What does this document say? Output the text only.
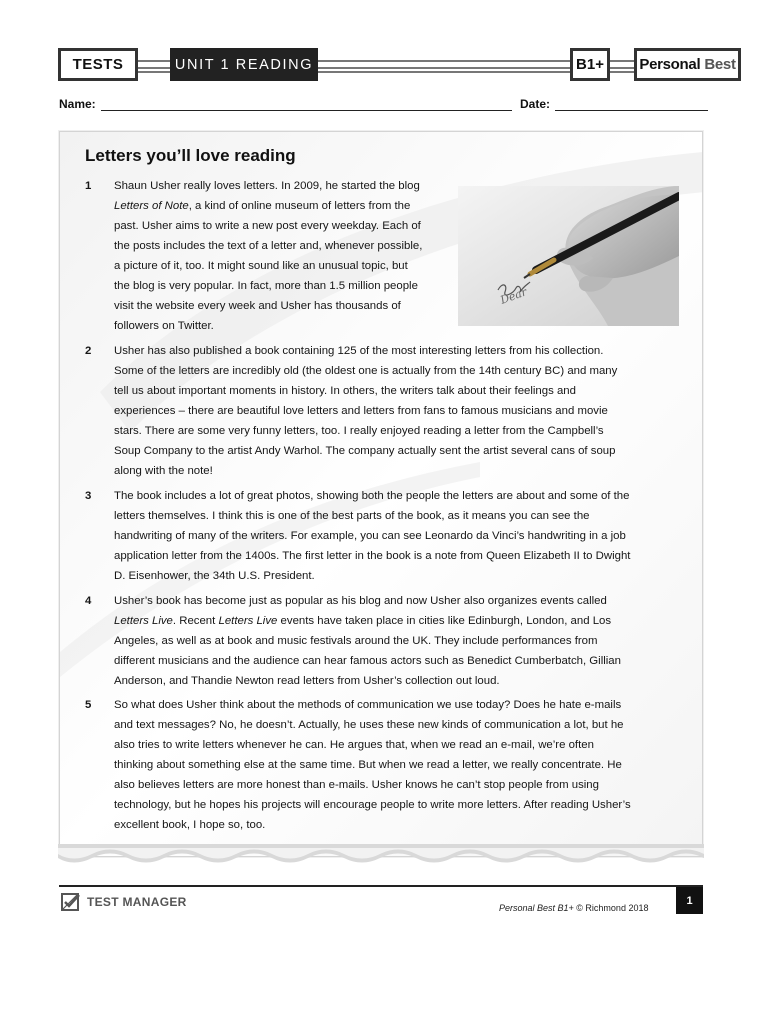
TESTS	UNIT 1 READING	B1+	Personal Best
Name:	Date:
Letters you’ll love reading
1	Shaun Usher really loves letters. In 2009, he started the blog
Letters of Note, a kind of online museum of letters from the
past. Usher aims to write a new post every weekday. Each of
the posts includes the text of a letter and, whenever possible,
a picture of it, too. It might sound like an unusual topic, but
the blog is very popular. In fact, more than 1.5 million people
visit the website every week and Usher has thousands of
followers on Twitter.
Dear
2	Usher has also published a book containing 125 of the most interesting letters from his collection.
Some of the letters are incredibly old (the oldest one is actually from the 14th century BC) and many
tell us about important moments in history. In others, the writers talk about their feelings and
experiences – there are beautiful love letters and letters from fans to famous musicians and movie
stars. There are some very funny letters, too. I really enjoyed reading a letter from the Campbell’s
Soup Company to the artist Andy Warhol. The company actually sent the artist several cans of soup
along with the note!
3	The book includes a lot of great photos, showing both the people the letters are about and some of the
letters themselves. I think this is one of the best parts of the book, as it means you can see the
handwriting of many of the writers. For example, you can see Leonardo da Vinci’s handwriting in a job
application letter from the 1400s. The first letter in the book is a note from Queen Elizabeth II to Dwight
D. Eisenhower, the 34th U.S. President.
4	Usher’s book has become just as popular as his blog and now Usher also organizes events called
Letters Live. Recent Letters Live events have taken place in cities like Edinburgh, London, and Los
Angeles, as well as at book and music festivals around the UK. They include performances from
different musicians and the audience can hear famous actors such as Benedict Cumberbatch, Gillian
Anderson, and Thandie Newton read letters from Usher’s collection out loud.
5	So what does Usher think about the methods of communication we use today? Does he hate e-mails
and text messages? No, he doesn’t. Actually, he uses these new kinds of communication a lot, but he
also tries to write letters whenever he can. He argues that, when we read an e-mail, we’re often
thinking about something else at the same time. But when we read a letter, we really concentrate. He
also believes letters are more honest than e-mails. Usher knows he can’t stop people from using
technology, but he hopes his projects will encourage people to write more letters. After reading Usher’s
excellent book, I hope so, too.
TEST MANAGER	Personal Best B1+ © Richmond 2018
1
